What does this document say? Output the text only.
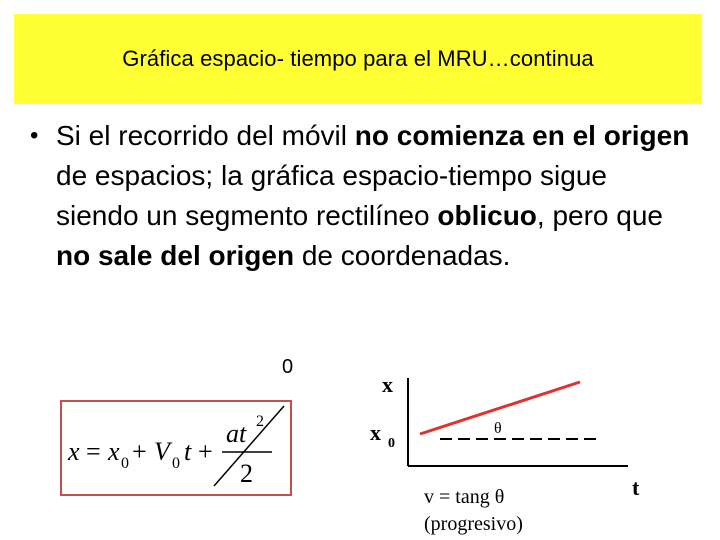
Gráfica espacio- tiempo para el MRU…continua
• Si el recorrido del móvil no comienza en el origen de espacios; la gráfica espacio-tiempo sigue siendo un segmento rectilíneo oblicuo, pero que no sale del origen de coordenadas.
0
x = x 0 + V 0 t +
at 2
2
x
x 0
t
θ
v = tang θ
(progresivo)
